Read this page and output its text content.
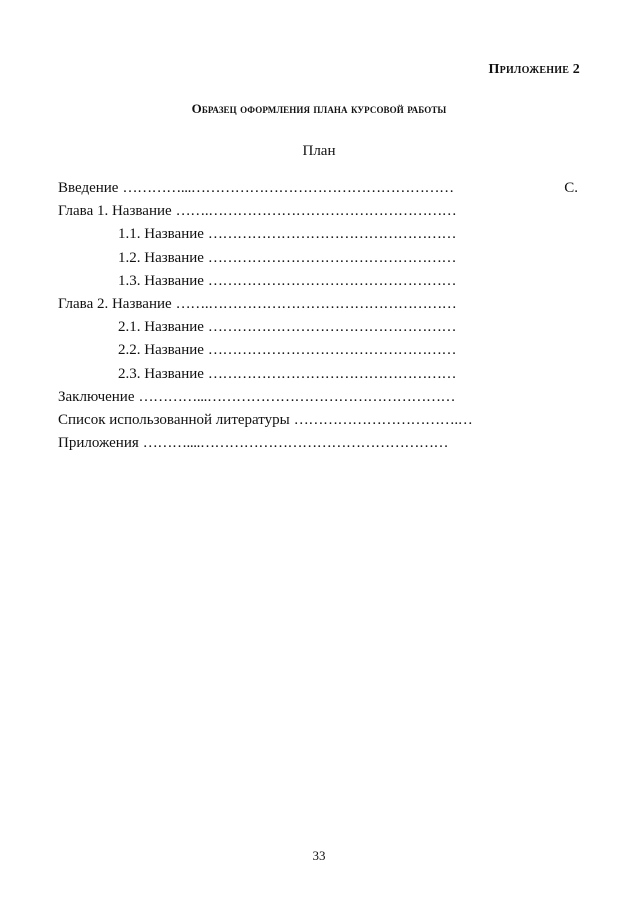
Приложение 2
Образец оформления плана курсовой работы
План
Введение …………...………………………………………………	С.
Глава 1. Название …….……………………………………………
1.1. Название ……………………………………………
1.2. Название ……………………………………………
1.3. Название ……………………………………………
Глава 2. Название …….……………………………………………
2.1. Название ……………………………………………
2.2. Название ……………………………………………
2.3. Название ……………………………………………
Заключение …………...……………………………………………
Список использованной литературы …………………………….…
Приложения ………....……………………………………………
33
